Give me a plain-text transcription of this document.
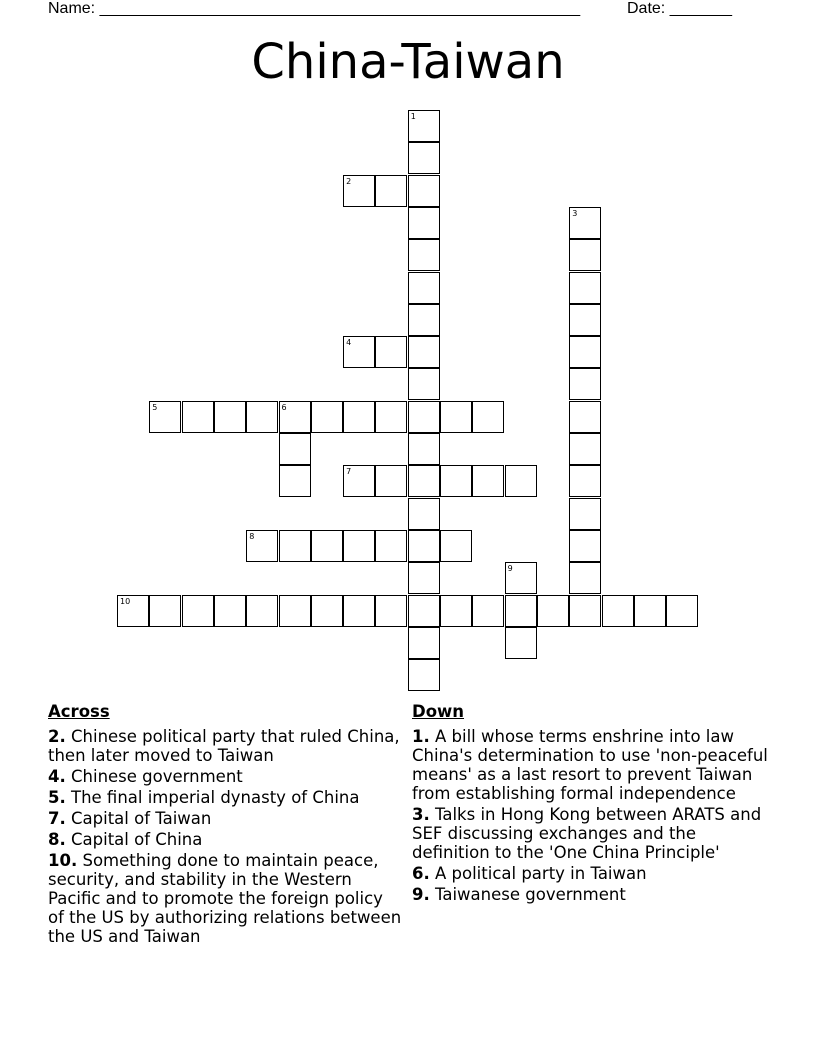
Name: ______________________________________________________	Date: _______
China-Taiwan
1
2
3
4
5	6
7
8
9
10
Across
2. Chinese political party that ruled China, then later moved to Taiwan
4. Chinese government
5. The final imperial dynasty of China
7. Capital of Taiwan
8. Capital of China
10. Something done to maintain peace, security, and stability in the Western Pacific and to promote the foreign policy of the US by authorizing relations between the US and Taiwan
Down
1. A bill whose terms enshrine into law China's determination to use 'non-peaceful means' as a last resort to prevent Taiwan from establishing formal independence
3. Talks in Hong Kong between ARATS and SEF discussing exchanges and the definition to the 'One China Principle'
6. A political party in Taiwan
9. Taiwanese government
